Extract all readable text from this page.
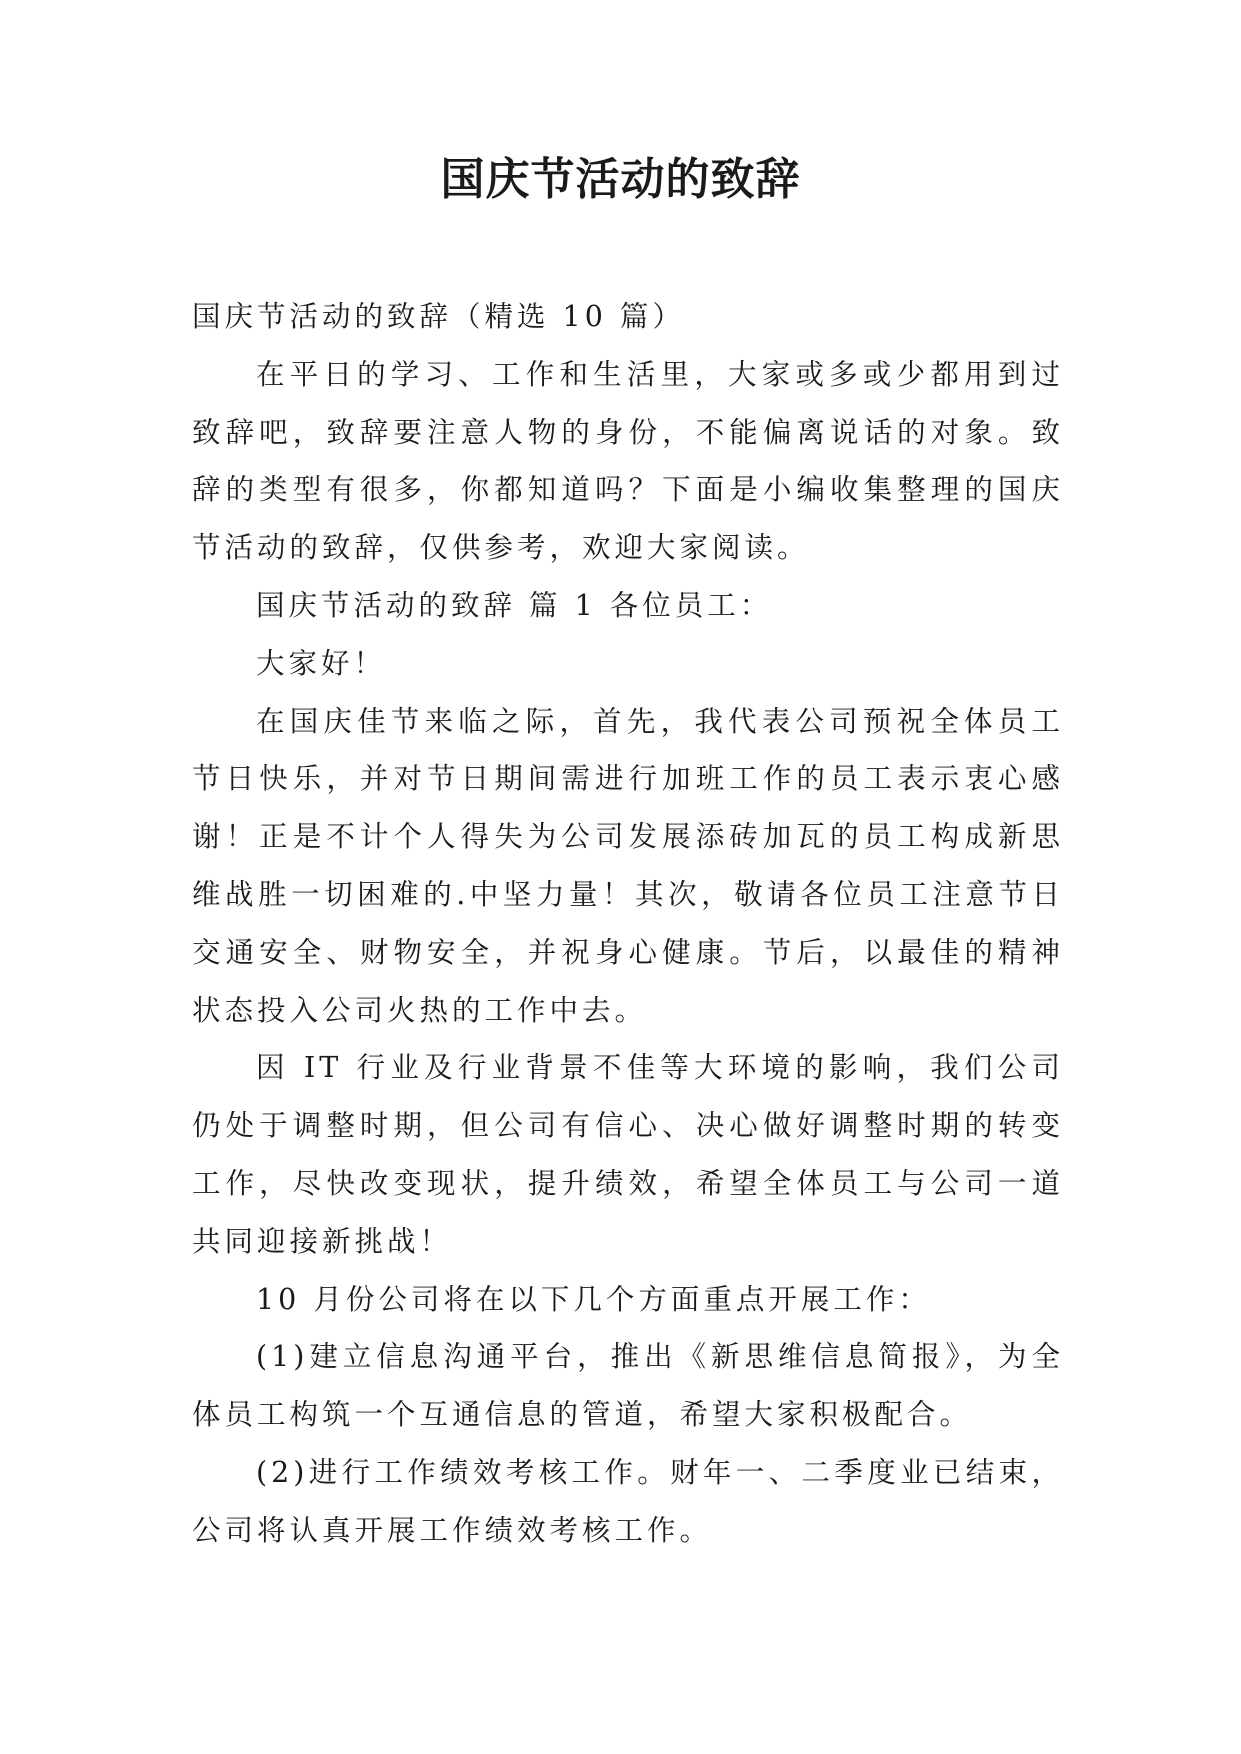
国庆节活动的致辞

国庆节活动的致辞（精选 10 篇）

在平日的学习、工作和生活里，大家或多或少都用到过致辞吧，致辞要注意人物的身份，不能偏离说话的对象。致辞的类型有很多，你都知道吗？下面是小编收集整理的国庆节活动的致辞，仅供参考，欢迎大家阅读。

国庆节活动的致辞 篇 1 各位员工：

大家好！

在国庆佳节来临之际，首先，我代表公司预祝全体员工节日快乐，并对节日期间需进行加班工作的员工表示衷心感谢！正是不计个人得失为公司发展添砖加瓦的员工构成新思维战胜一切困难的.中坚力量！其次，敬请各位员工注意节日交通安全、财物安全，并祝身心健康。节后，以最佳的精神状态投入公司火热的工作中去。

因 IT 行业及行业背景不佳等大环境的影响，我们公司仍处于调整时期，但公司有信心、决心做好调整时期的转变工作，尽快改变现状，提升绩效，希望全体员工与公司一道共同迎接新挑战！

10 月份公司将在以下几个方面重点开展工作：

(1)建立信息沟通平台，推出《新思维信息简报》，为全体员工构筑一个互通信息的管道，希望大家积极配合。

(2)进行工作绩效考核工作。财年一、二季度业已结束，公司将认真开展工作绩效考核工作。
